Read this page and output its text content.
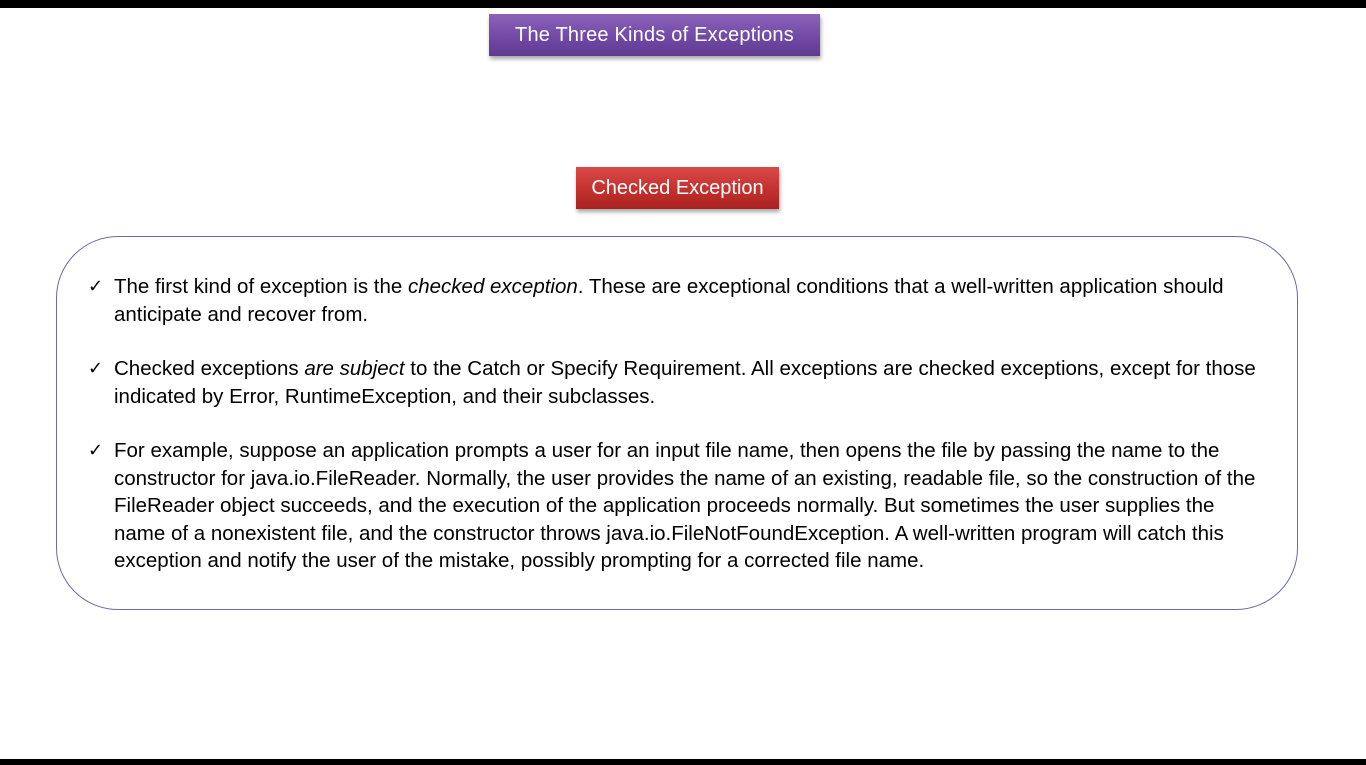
The Three Kinds of Exceptions
Checked Exception
✓ The first kind of exception is the checked exception. These are exceptional conditions that a well-written application should anticipate and recover from.
✓ Checked exceptions are subject to the Catch or Specify Requirement. All exceptions are checked exceptions, except for those indicated by Error, RuntimeException, and their subclasses.
✓ For example, suppose an application prompts a user for an input file name, then opens the file by passing the name to the constructor for java.io.FileReader. Normally, the user provides the name of an existing, readable file, so the construction of the FileReader object succeeds, and the execution of the application proceeds normally. But sometimes the user supplies the name of a nonexistent file, and the constructor throws java.io.FileNotFoundException. A well-written program will catch this exception and notify the user of the mistake, possibly prompting for a corrected file name.
